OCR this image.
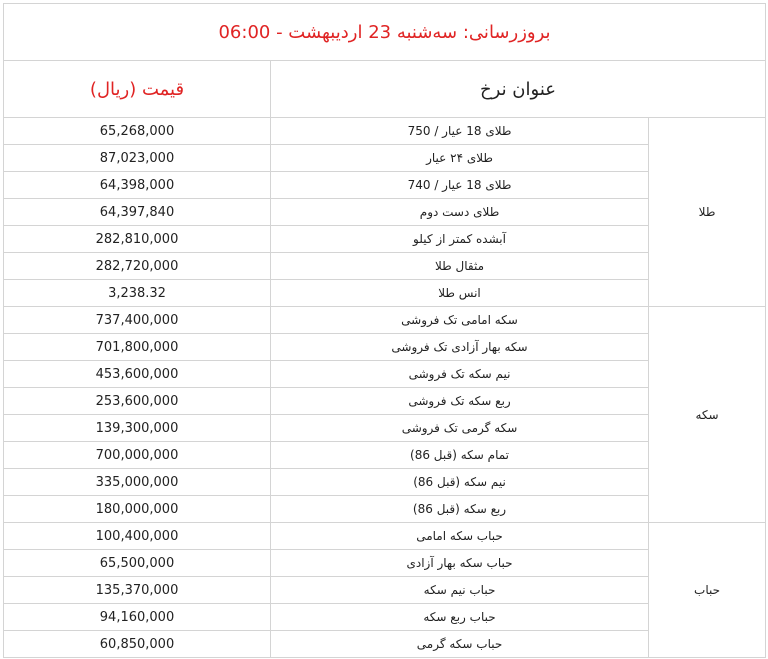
بروزرسانی: سه‌شنبه 23 اردیبهشت - 06:00		
عنوان نرخ		قیمت (ریال)
طلا	طلای 18 عیار / 750	65,268,000
	طلای ۲۴ عیار	87,023,000
	طلای 18 عیار / 740	64,398,000
	طلای دست دوم	64,397,840
	آبشده کمتر از کیلو	282,810,000
	مثقال طلا	282,720,000
	انس طلا	3,238.32
سکه	سکه امامی تک فروشی	737,400,000
	سکه بهار آزادی تک فروشی	701,800,000
	نیم سکه تک فروشی	453,600,000
	ربع سکه تک فروشی	253,600,000
	سکه گرمی تک فروشی	139,300,000
	تمام سکه (قبل 86)	700,000,000
	نیم سکه (قبل 86)	335,000,000
	ربع سکه (قبل 86)	180,000,000
حباب	حباب سکه امامی	100,400,000
	حباب سکه بهار آزادی	65,500,000
	حباب نیم سکه	135,370,000
	حباب ربع سکه	94,160,000
	حباب سکه گرمی	60,850,000
